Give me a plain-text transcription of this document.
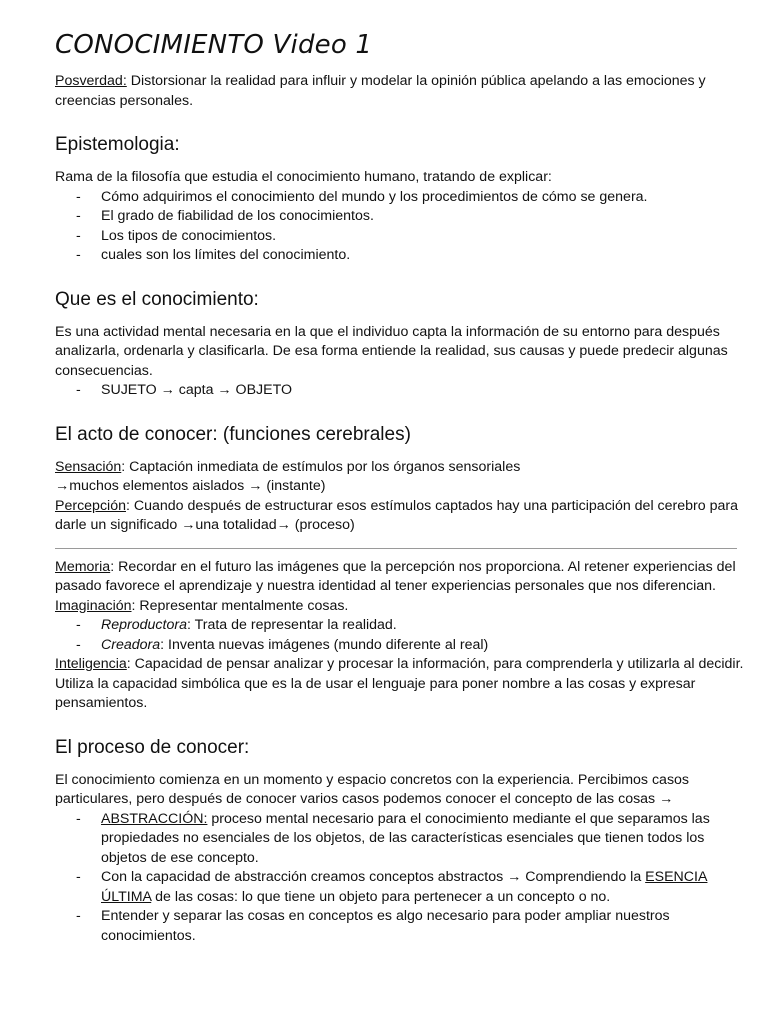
CONOCIMIENTO Video 1

Posverdad: Distorsionar la realidad para influir y modelar la opinión pública apelando a las emociones y creencias personales.

Epistemologia:

Rama de la filosofía que estudia el conocimiento humano, tratando de explicar:

- Cómo adquirimos el conocimiento del mundo y los procedimientos de cómo se genera.
- El grado de fiabilidad de los conocimientos.
- Los tipos de conocimientos.
- cuales son los límites del conocimiento.
Que es el conocimiento:

Es una actividad mental necesaria en la que el individuo capta la información de su entorno para después analizarla, ordenarla y clasificarla. De esa forma entiende la realidad, sus causas y puede predecir algunas consecuencias.

- SUJETO → capta → OBJETO
El acto de conocer: (funciones cerebrales)

Sensación: Captación inmediata de estímulos por los órganos sensoriales

→muchos elementos aislados → (instante)

Percepción: Cuando después de estructurar esos estímulos captados hay una participación del cerebro para darle un significado →una totalidad→ (proceso)

Memoria: Recordar en el futuro las imágenes que la percepción nos proporciona. Al retener experiencias del pasado favorece el aprendizaje y nuestra identidad al tener experiencias personales que nos diferencian.

Imaginación: Representar mentalmente cosas.

- Reproductora: Trata de representar la realidad.
- Creadora: Inventa nuevas imágenes (mundo diferente al real)

Inteligencia: Capacidad de pensar analizar y procesar la información, para comprenderla y utilizarla al decidir. Utiliza la capacidad simbólica que es la de usar el lenguaje para poner nombre a las cosas y expresar pensamientos.

El proceso de conocer:

El conocimiento comienza en un momento y espacio concretos con la experiencia. Percibimos casos particulares, pero después de conocer varios casos podemos conocer el concepto de las cosas →

- ABSTRACCIÓN: proceso mental necesario para el conocimiento mediante el que separamos las propiedades no esenciales de los objetos, de las características esenciales que tienen todos los objetos de ese concepto.
- Con la capacidad de abstracción creamos conceptos abstractos → Comprendiendo la ESENCIA ÚLTIMA de las cosas: lo que tiene un objeto para pertenecer a un concepto o no.
- Entender y separar las cosas en conceptos es algo necesario para poder ampliar nuestros conocimientos.
